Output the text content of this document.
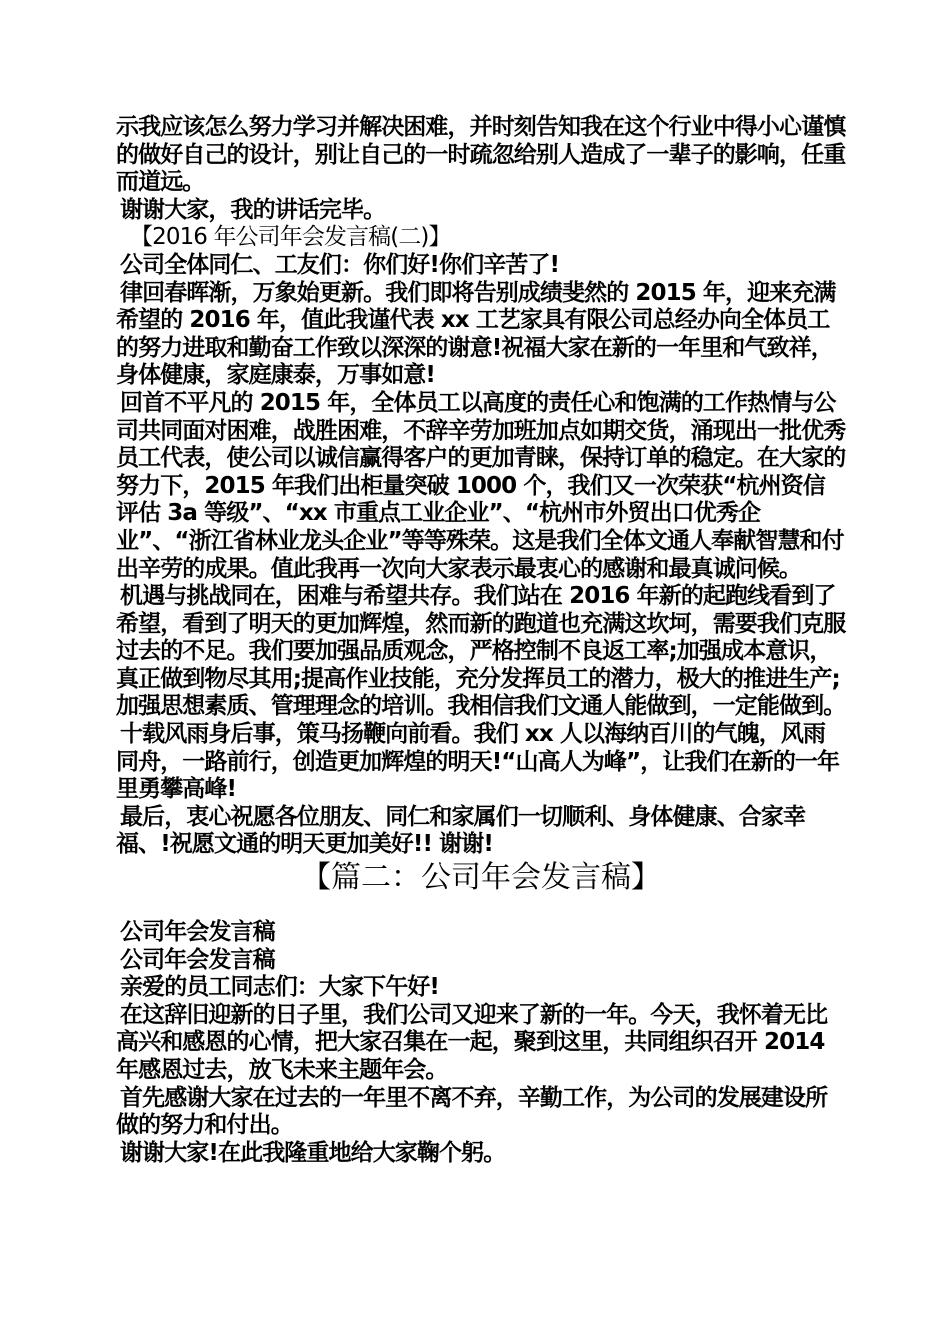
示我应该怎么努力学习并解决困难，并时刻告知我在这个行业中得小心谨慎的做好自己的设计，别让自己的一时疏忽给别人造成了一辈子的影响，任重而道远。

谢谢大家，我的讲话完毕。

【2016 年公司年会发言稿(二)】

公司全体同仁、工友们：你们好!你们辛苦了!

律回春晖渐，万象始更新。我们即将告别成绩斐然的 2015 年，迎来充满希望的 2016 年，值此我谨代表 xx 工艺家具有限公司总经办向全体员工的努力进取和勤奋工作致以深深的谢意!祝福大家在新的一年里和气致祥，身体健康，家庭康泰，万事如意!

回首不平凡的 2015 年，全体员工以高度的责任心和饱满的工作热情与公司共同面对困难，战胜困难，不辞辛劳加班加点如期交货，涌现出一批优秀员工代表，使公司以诚信赢得客户的更加青睐，保持订单的稳定。在大家的努力下，2015 年我们出柜量突破 1000 个，我们又一次荣获“杭州资信评估 3a 等级”、“xx 市重点工业企业”、“杭州市外贸出口优秀企业”、“浙江省林业龙头企业”等等殊荣。这是我们全体文通人奉献智慧和付出辛劳的成果。值此我再一次向大家表示最衷心的感谢和最真诚问候。

机遇与挑战同在，困难与希望共存。我们站在 2016 年新的起跑线看到了希望，看到了明天的更加辉煌，然而新的跑道也充满这坎坷，需要我们克服过去的不足。我们要加强品质观念，严格控制不良返工率;加强成本意识，真正做到物尽其用;提高作业技能，充分发挥员工的潜力，极大的推进生产;加强思想素质、管理理念的培训。我相信我们文通人能做到，一定能做到。

十载风雨身后事，策马扬鞭向前看。我们 xx 人以海纳百川的气魄，风雨同舟，一路前行，创造更加辉煌的明天!“山高人为峰”，让我们在新的一年里勇攀高峰!

最后，衷心祝愿各位朋友、同仁和家属们一切顺利、身体健康、合家幸福、!祝愿文通的明天更加美好!! 谢谢!

【篇二：公司年会发言稿】

公司年会发言稿

公司年会发言稿

亲爱的员工同志们：大家下午好!

在这辞旧迎新的日子里，我们公司又迎来了新的一年。今天，我怀着无比高兴和感恩的心情，把大家召集在一起，聚到这里，共同组织召开 2014 年感恩过去，放飞未来主题年会。

首先感谢大家在过去的一年里不离不弃，辛勤工作，为公司的发展建设所做的努力和付出。

谢谢大家!在此我隆重地给大家鞠个躬。
